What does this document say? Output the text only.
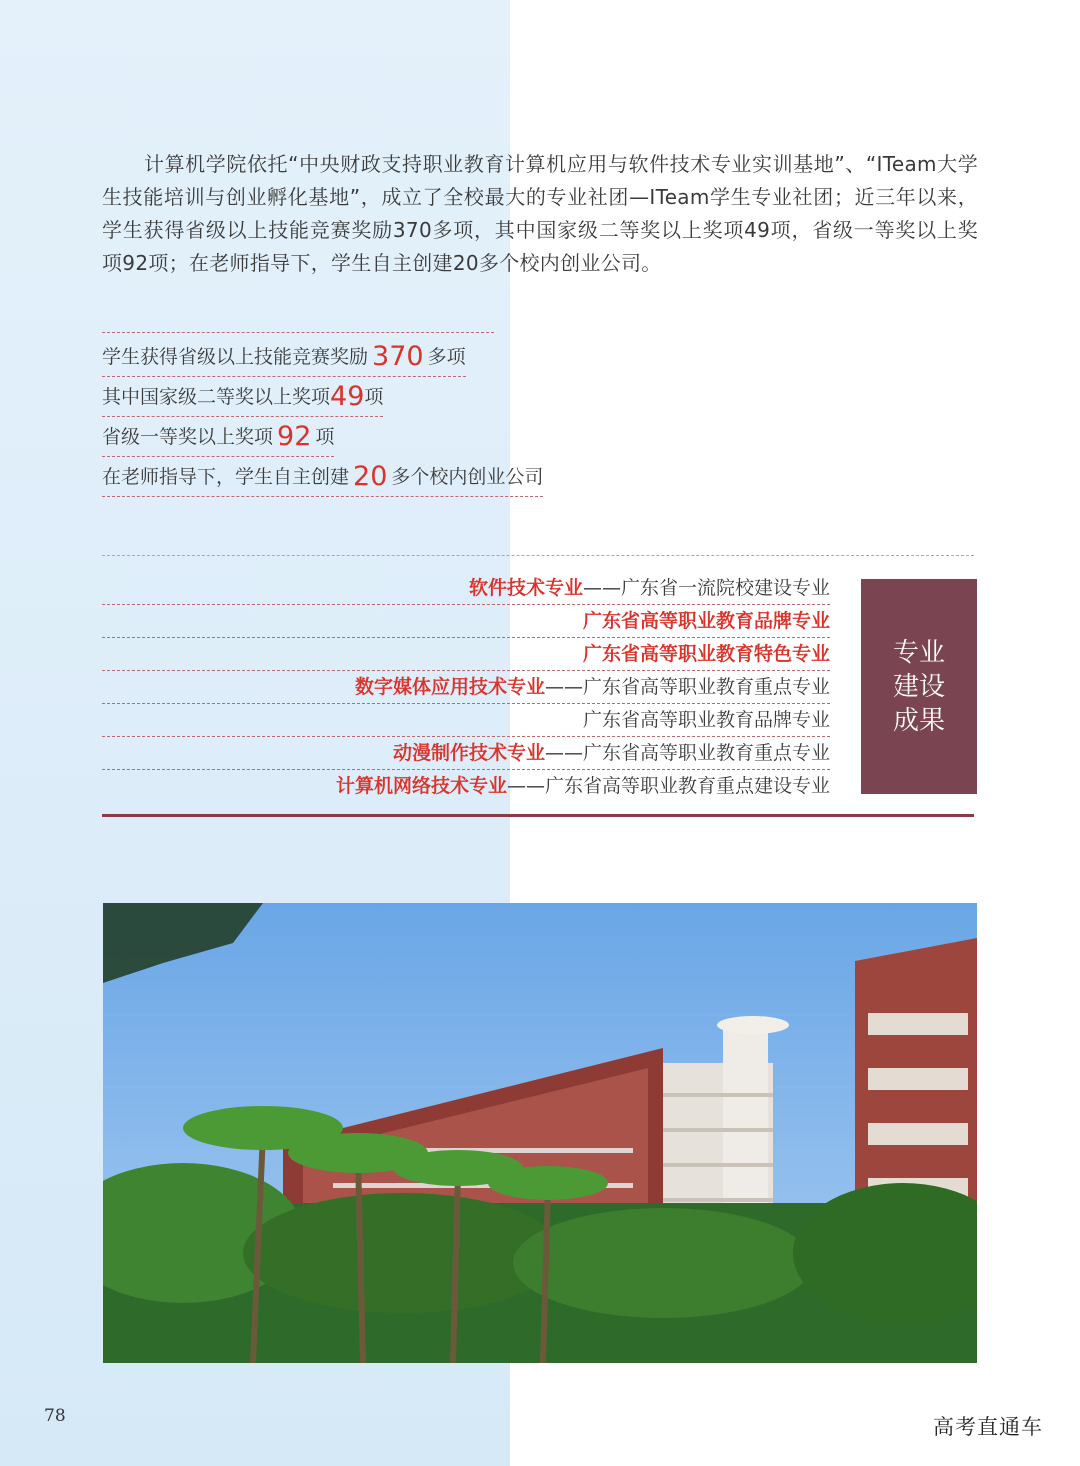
计算机学院依托“中央财政支持职业教育计算机应用与软件技术专业实训基地”、“ITeam大学生技能培训与创业孵化基地”，成立了全校最大的专业社团—ITeam学生专业社团；近三年以来，学生获得省级以上技能竞赛奖励370多项，其中国家级二等奖以上奖项49项，省级一等奖以上奖项92项；在老师指导下，学生自主创建20多个校内创业公司。

学生获得省级以上技能竞赛奖励 370 多项
其中国家级二等奖以上奖项49项
省级一等奖以上奖项 92 项
在老师指导下，学生自主创建 20 多个校内创业公司
软件技术专业——广东省一流院校建设专业
广东省高等职业教育品牌专业
广东省高等职业教育特色专业
数字媒体应用技术专业——广东省高等职业教育重点专业
广东省高等职业教育品牌专业
动漫制作技术专业——广东省高等职业教育重点专业
计算机网络技术专业——广东省高等职业教育重点建设专业
专业
建设
成果
78	高考直通车
